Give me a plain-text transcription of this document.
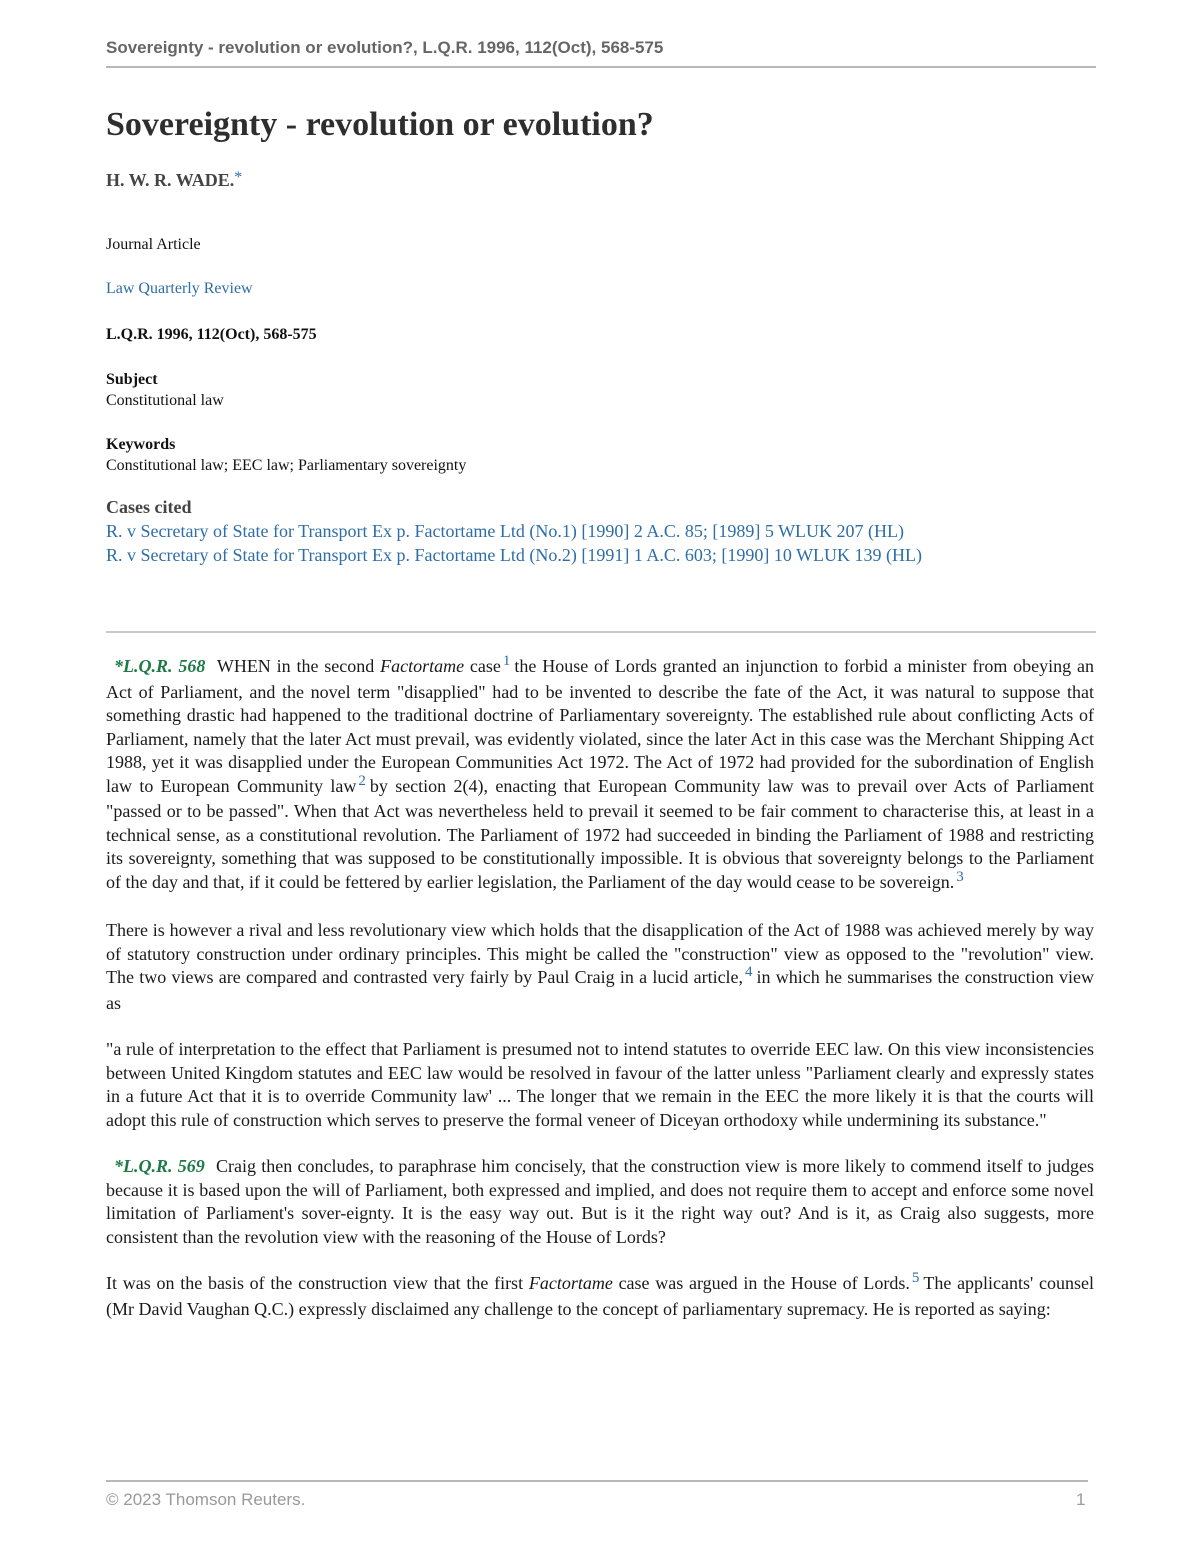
Sovereignty - revolution or evolution?, L.Q.R. 1996, 112(Oct), 568-575
Sovereignty - revolution or evolution?
H. W. R. WADE.*
Journal Article
Law Quarterly Review
L.Q.R. 1996, 112(Oct), 568-575
Subject
Constitutional law
Keywords
Constitutional law; EEC law; Parliamentary sovereignty
Cases cited
R. v Secretary of State for Transport Ex p. Factortame Ltd (No.1) [1990] 2 A.C. 85; [1989] 5 WLUK 207 (HL)
R. v Secretary of State for Transport Ex p. Factortame Ltd (No.2) [1991] 1 A.C. 603; [1990] 10 WLUK 139 (HL)

*L.Q.R. 568 WHEN in the second Factortame case $^1$ the House of Lords granted an injunction to forbid a minister from obeying an Act of Parliament, and the novel term "disapplied" had to be invented to describe the fate of the Act, it was natural to suppose that something drastic had happened to the traditional doctrine of Parliamentary sovereignty. The established rule about conflicting Acts of Parliament, namely that the later Act must prevail, was evidently violated, since the later Act in this case was the Merchant Shipping Act 1988, yet it was disapplied under the European Communities Act 1972. The Act of 1972 had provided for the subordination of English law to European Community law $^2$ by section 2(4), enacting that European Community law was to prevail over Acts of Parliament "passed or to be passed". When that Act was nevertheless held to prevail it seemed to be fair comment to characterise this, at least in a technical sense, as a constitutional revolution. The Parliament of 1972 had succeeded in binding the Parliament of 1988 and restricting its sovereignty, something that was supposed to be constitutionally impossible. It is obvious that sovereignty belongs to the Parliament of the day and that, if it could be fettered by earlier legislation, the Parliament of the day would cease to be sovereign. $^3$

There is however a rival and less revolutionary view which holds that the disapplication of the Act of 1988 was achieved merely by way of statutory construction under ordinary principles. This might be called the "construction" view as opposed to the "revolution" view. The two views are compared and contrasted very fairly by Paul Craig in a lucid article, $^4$ in which he summarises the construction view as

"a rule of interpretation to the effect that Parliament is presumed not to intend statutes to override EEC law. On this view inconsistencies between United Kingdom statutes and EEC law would be resolved in favour of the latter unless "Parliament clearly and expressly states in a future Act that it is to override Community law' ... The longer that we remain in the EEC the more likely it is that the courts will adopt this rule of construction which serves to preserve the formal veneer of Diceyan orthodoxy while undermining its substance."

*L.Q.R. 569 Craig then concludes, to paraphrase him concisely, that the construction view is more likely to commend itself to judges because it is based upon the will of Parliament, both expressed and implied, and does not require them to accept and enforce some novel limitation of Parliament's sover-eignty. It is the easy way out. But is it the right way out? And is it, as Craig also suggests, more consistent than the revolution view with the reasoning of the House of Lords?

It was on the basis of the construction view that the first Factortame case was argued in the House of Lords. $^5$ The applicants' counsel (Mr David Vaughan Q.C.) expressly disclaimed any challenge to the concept of parliamentary supremacy. He is reported as saying:

© 2023 Thomson Reuters.	1
